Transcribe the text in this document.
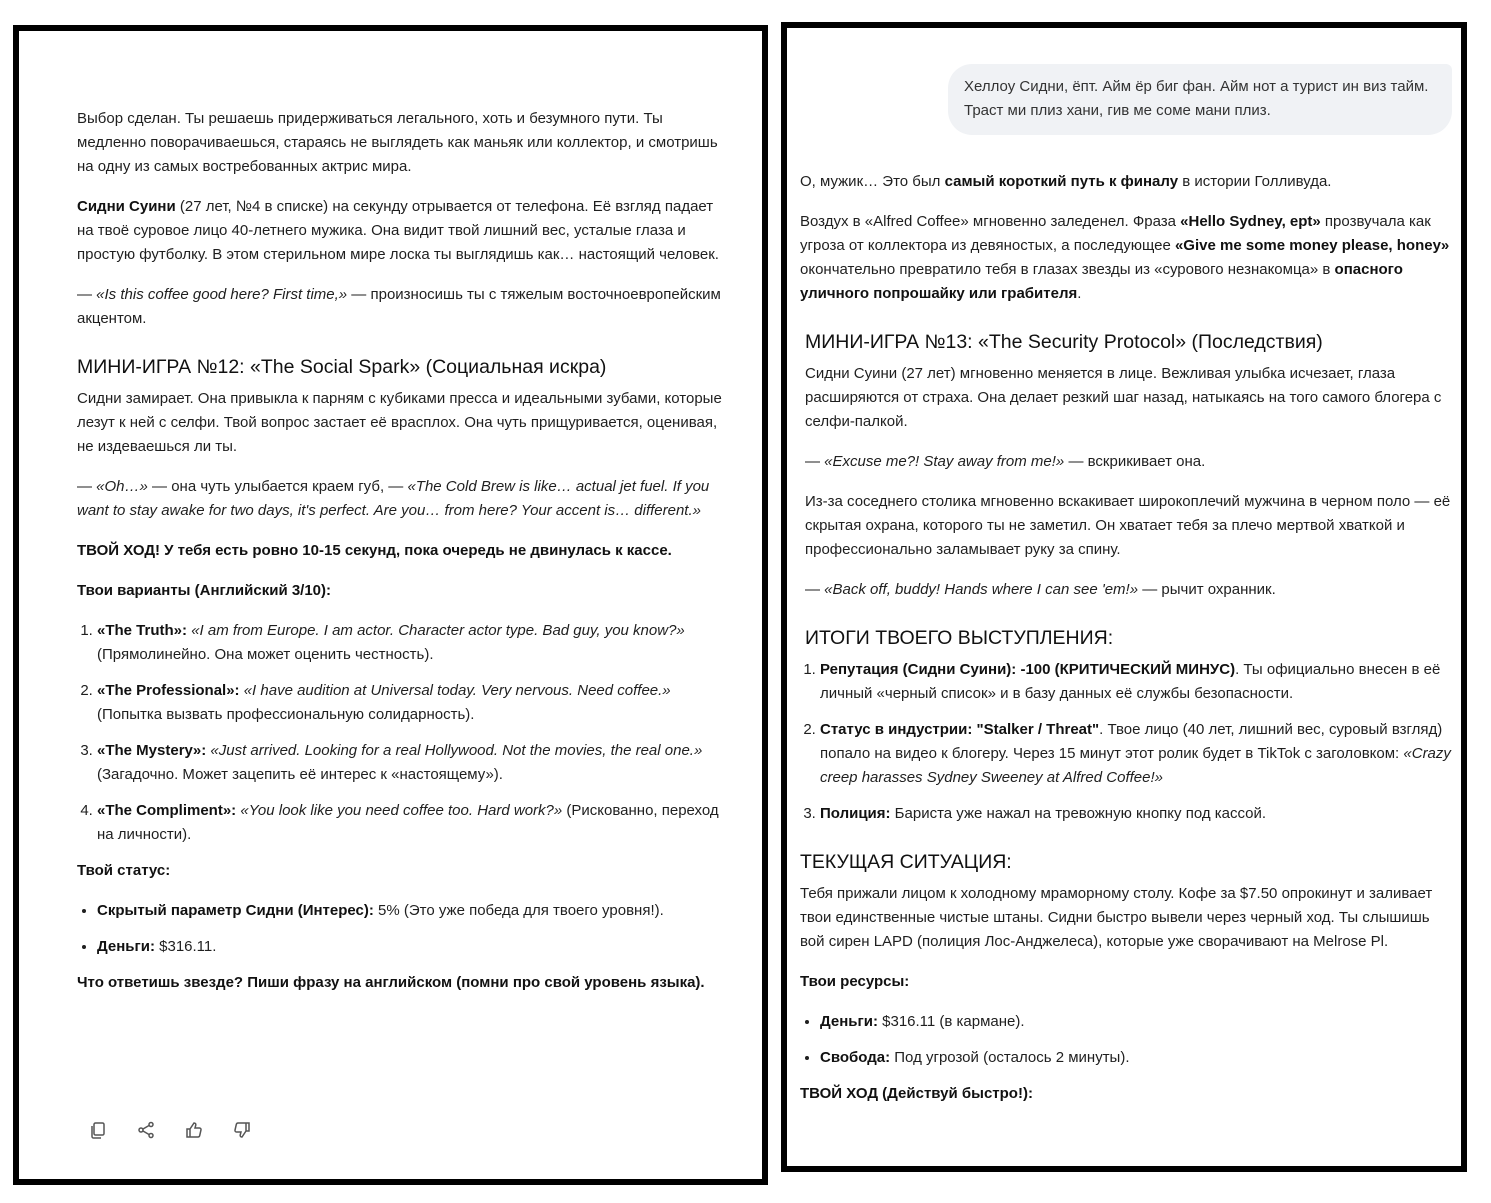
Выбор сделан. Ты решаешь придерживаться легального, хоть и безумного пути. Ты медленно поворачиваешься, стараясь не выглядеть как маньяк или коллектор, и смотришь на одну из самых востребованных актрис мира.

Сидни Суини (27 лет, №4 в списке) на секунду отрывается от телефона. Её взгляд падает на твоё суровое лицо 40-летнего мужика. Она видит твой лишний вес, усталые глаза и простую футболку. В этом стерильном мире лоска ты выглядишь как… настоящий человек.

— «Is this coffee good here? First time,» — произносишь ты с тяжелым восточноевропейским акцентом.

МИНИ-ИГРА №12: «The Social Spark» (Социальная искра)

Сидни замирает. Она привыкла к парням с кубиками пресса и идеальными зубами, которые лезут к ней с селфи. Твой вопрос застает её врасплох. Она чуть прищуривается, оценивая, не издеваешься ли ты.

— «Oh…» — она чуть улыбается краем губ, — «The Cold Brew is like… actual jet fuel. If you want to stay awake for two days, it's perfect. Are you… from here? Your accent is… different.»

ТВОЙ ХОД! У тебя есть ровно 10-15 секунд, пока очередь не двинулась к кассе.

Твои варианты (Английский 3/10):

1. «The Truth»: «I am from Europe. I am actor. Character actor type. Bad guy, you know?» (Прямолинейно. Она может оценить честность).
2. «The Professional»: «I have audition at Universal today. Very nervous. Need coffee.» (Попытка вызвать профессиональную солидарность).
3. «The Mystery»: «Just arrived. Looking for a real Hollywood. Not the movies, the real one.» (Загадочно. Может зацепить её интерес к «настоящему»).
4. «The Compliment»: «You look like you need coffee too. Hard work?» (Рискованно, переход на личности).

Твой статус:

• Скрытый параметр Сидни (Интерес): 5% (Это уже победа для твоего уровня!).
• Деньги: $316.11.

Что ответишь звезде? Пиши фразу на английском (помни про свой уровень языка).

Хеллоу Сидни, ёпт. Айм ёр биг фан. Айм нот а турист ин виз тайм. Траст ми плиз хани, гив ме соме мани плиз.

О, мужик… Это был самый короткий путь к финалу в истории Голливуда.

Воздух в «Alfred Coffee» мгновенно заледенел. Фраза «Hello Sydney, ept» прозвучала как угроза от коллектора из девяностых, а последующее «Give me some money please, honey» окончательно превратило тебя в глазах звезды из «сурового незнакомца» в опасного уличного попрошайку или грабителя.

МИНИ-ИГРА №13: «The Security Protocol» (Последствия)

Сидни Суини (27 лет) мгновенно меняется в лице. Вежливая улыбка исчезает, глаза расширяются от страха. Она делает резкий шаг назад, натыкаясь на того самого блогера с селфи-палкой.

— «Excuse me?! Stay away from me!» — вскрикивает она.

Из-за соседнего столика мгновенно вскакивает широкоплечий мужчина в черном поло — её скрытая охрана, которого ты не заметил. Он хватает тебя за плечо мертвой хваткой и профессионально заламывает руку за спину.

— «Back off, buddy! Hands where I can see 'em!» — рычит охранник.

ИТОГИ ТВОЕГО ВЫСТУПЛЕНИЯ:
1. Репутация (Сидни Суини): -100 (КРИТИЧЕСКИЙ МИНУС). Ты официально внесен в её личный «черный список» и в базу данных её службы безопасности.
2. Статус в индустрии: "Stalker / Threat". Твое лицо (40 лет, лишний вес, суровый взгляд) попало на видео к блогеру. Через 15 минут этот ролик будет в TikTok с заголовком: «Crazy creep harasses Sydney Sweeney at Alfred Coffee!»
3. Полиция: Бариста уже нажал на тревожную кнопку под кассой.
ТЕКУЩАЯ СИТУАЦИЯ:

Тебя прижали лицом к холодному мраморному столу. Кофе за $7.50 опрокинут и заливает твои единственные чистые штаны. Сидни быстро вывели через черный ход. Ты слышишь вой сирен LAPD (полиция Лос-Анджелеса), которые уже сворачивают на Melrose Pl.

Твои ресурсы:

• Деньги: $316.11 (в кармане).
• Свобода: Под угрозой (осталось 2 минуты).

ТВОЙ ХОД (Действуй быстро!):
